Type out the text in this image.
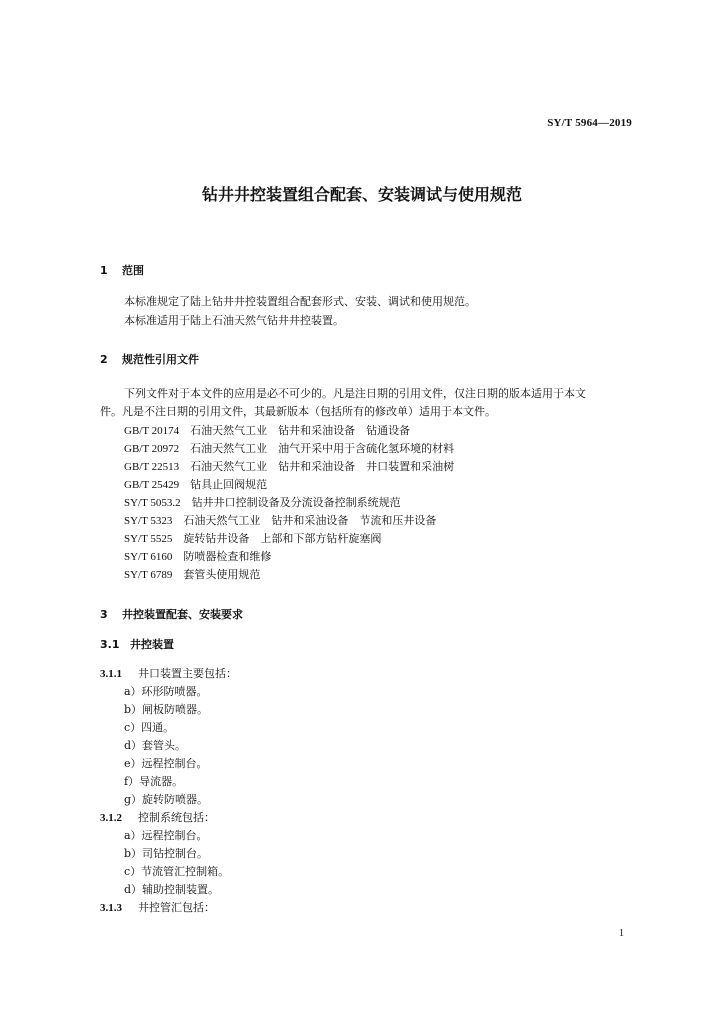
SY/T 5964—2019
钻井井控装置组合配套、安装调试与使用规范
1 范围
本标准规定了陆上钻井井控装置组合配套形式、安装、调试和使用规范。
本标准适用于陆上石油天然气钻井井控装置。
2 规范性引用文件
下列文件对于本文件的应用是必不可少的。凡是注日期的引用文件，仅注日期的版本适用于本文
件。凡是不注日期的引用文件，其最新版本（包括所有的修改单）适用于本文件。
GB/T 20174　 石油天然气工业　钻井和采油设备　钻通设备
GB/T 20972　 石油天然气工业　油气开采中用于含硫化氢环境的材料
GB/T 22513　 石油天然气工业　钻井和采油设备　井口装置和采油树
GB/T 25429　 钻具止回阀规范
SY/T 5053.2　 钻井井口控制设备及分流设备控制系统规范
SY/T 5323　 石油天然气工业　钻井和采油设备　节流和压井设备
SY/T 5525　 旋转钻井设备　上部和下部方钻杆旋塞阀
SY/T 6160　 防喷器检查和维修
SY/T 6789　 套管头使用规范
3 井控装置配套、安装要求
3.1 井控装置
3.1.1 井口装置主要包括：
a）环形防喷器。
b）闸板防喷器。
c）四通。
d）套管头。
e）远程控制台。
f）导流器。
g）旋转防喷器。
3.1.2 控制系统包括：
a）远程控制台。
b）司钻控制台。
c）节流管汇控制箱。
d）辅助控制装置。
3.1.3 井控管汇包括：
1
